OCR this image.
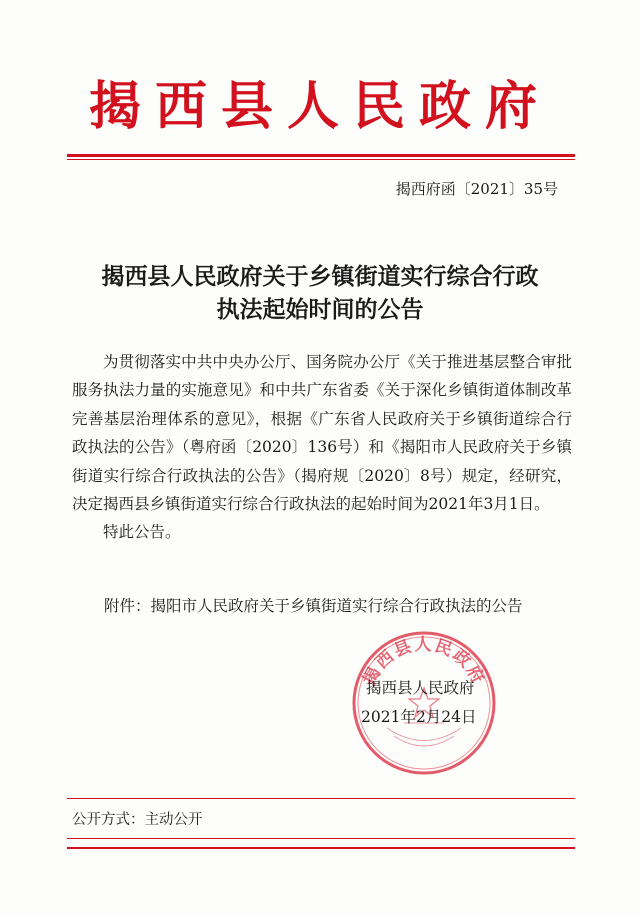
揭西县人民政府
揭西府函〔2021〕35号
揭西县人民政府关于乡镇街道实行综合行政
执法起始时间的公告

为贯彻落实中共中央办公厅、国务院办公厅《关于推进基层整合审批服务执法力量的实施意见》和中共广东省委《关于深化乡镇街道体制改革完善基层治理体系的意见》，根据《广东省人民政府关于乡镇街道综合行政执法的公告》（粤府函〔2020〕136号）和《揭阳市人民政府关于乡镇街道实行综合行政执法的公告》（揭府规〔2020〕8号）规定，经研究，决定揭西县乡镇街道实行综合行政执法的起始时间为2021年3月1日。

特此公告。

附件：揭阳市人民政府关于乡镇街道实行综合行政执法的公告
揭西县人民政府
揭西县人民政府
2021年2月24日
公开方式：主动公开
